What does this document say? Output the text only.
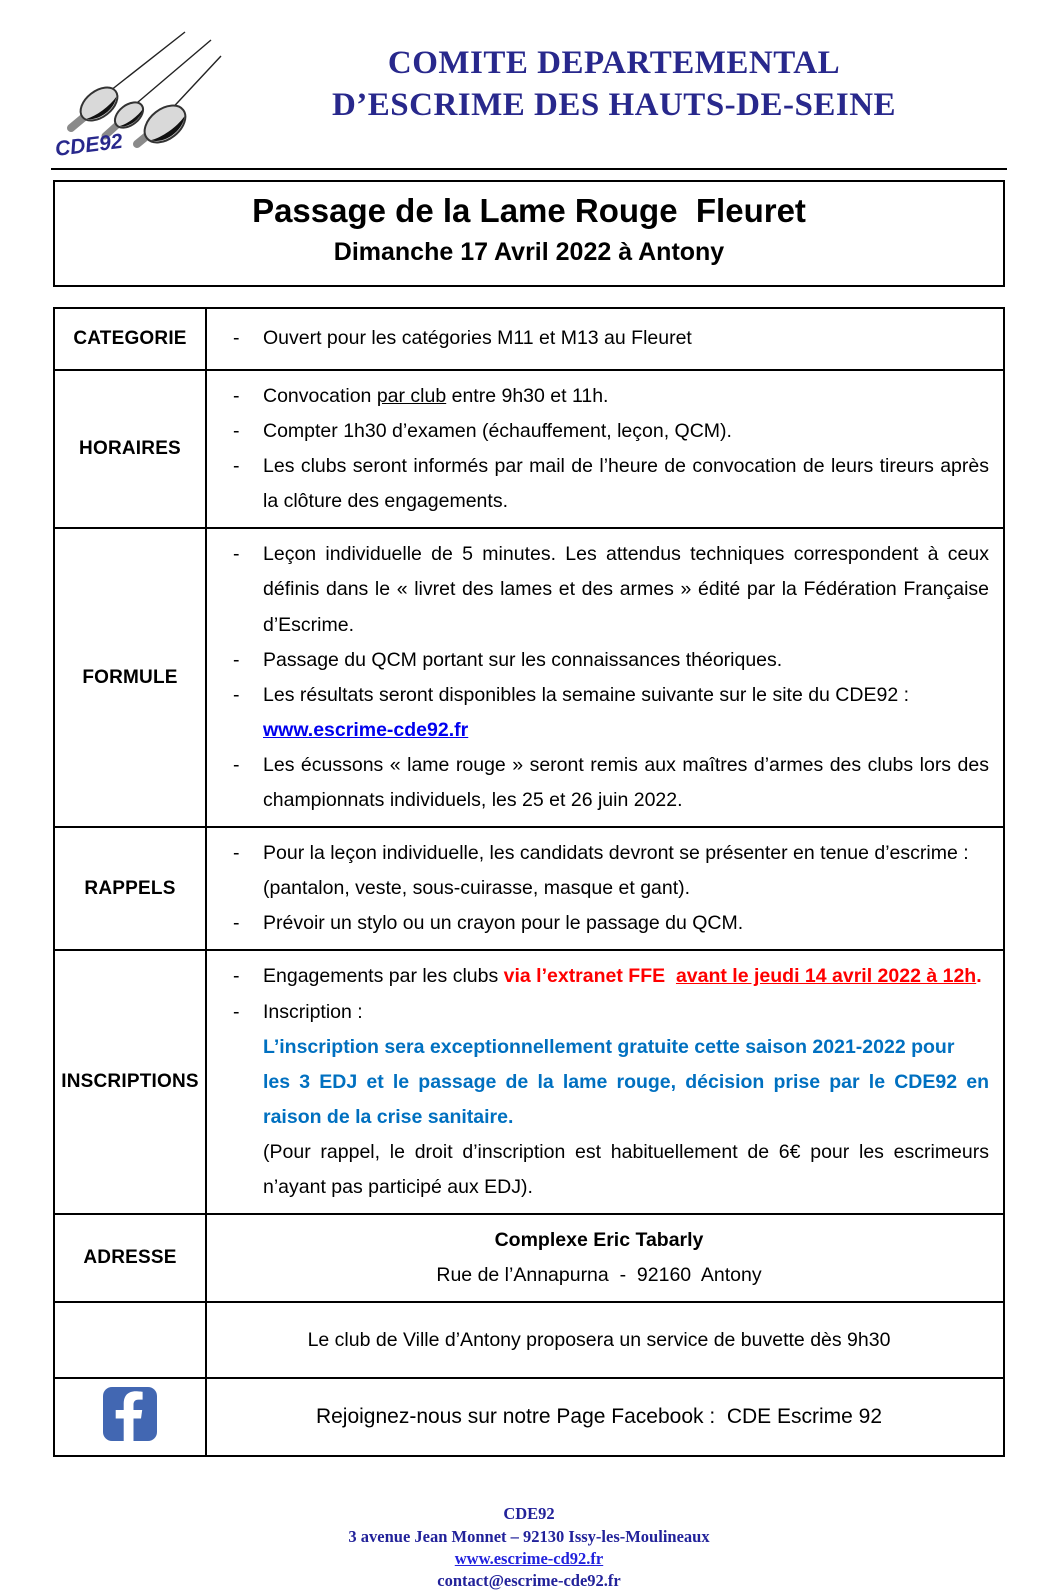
CDE92
COMITE DEPARTEMENTAL
D’ESCRIME DES HAUTS-DE-SEINE
Passage de la Lame Rouge  Fleuret
Dimanche 17 Avril 2022 à Antony
CATEGORIE	- Ouvert pour les catégories M11 et M13 au Fleuret

HORAIRES	
-	Convocation par club entre 9h30 et 11h.
-	Compter 1h30 d’examen (échauffement, leçon, QCM).
-	Les clubs seront informés par mail de l’heure de convocation de leurs tireurs après la clôture des engagements.

FORMULE	
-	Leçon individuelle de 5 minutes. Les attendus techniques correspondent à ceux définis dans le « livret des lames et des armes » édité par la Fédération Française d’Escrime.
-	Passage du QCM portant sur les connaissances théoriques.
-	Les résultats seront disponibles la semaine suivante sur le site du CDE92 :
www.escrime-cde92.fr
-	Les écussons « lame rouge » seront remis aux maîtres d’armes des clubs lors des championnats individuels, les 25 et 26 juin 2022.

RAPPELS	- Pour la leçon individuelle, les candidats devront se présenter en tenue d’escrime :
(pantalon, veste, sous-cuirasse, masque et gant).
- Prévoir un stylo ou un crayon pour le passage du QCM.

INSCRIPTIONS	
-	Engagements par les clubs via l’extranet FFE  avant le jeudi 14 avril 2022 à 12h.
-	Inscription :
L’inscription sera exceptionnellement gratuite cette saison 2021-2022 pour
les 3 EDJ et le passage de la lame rouge, décision prise par le CDE92 en raison de la crise sanitaire.
(Pour rappel, le droit d’inscription est habituellement de 6€ pour les escrimeurs n’ayant pas participé aux EDJ).

ADRESSE	Complexe Eric Tabarly
Rue de l’Annapurna  -  92160  Antony

	Le club de Ville d’Antony proposera un service de buvette dès 9h30

Rejoignez-nous sur notre Page Facebook :  CDE Escrime 92
CDE92
3 avenue Jean Monnet – 92130 Issy-les-Moulineaux
www.escrime-cd92.fr
contact@escrime-cde92.fr
